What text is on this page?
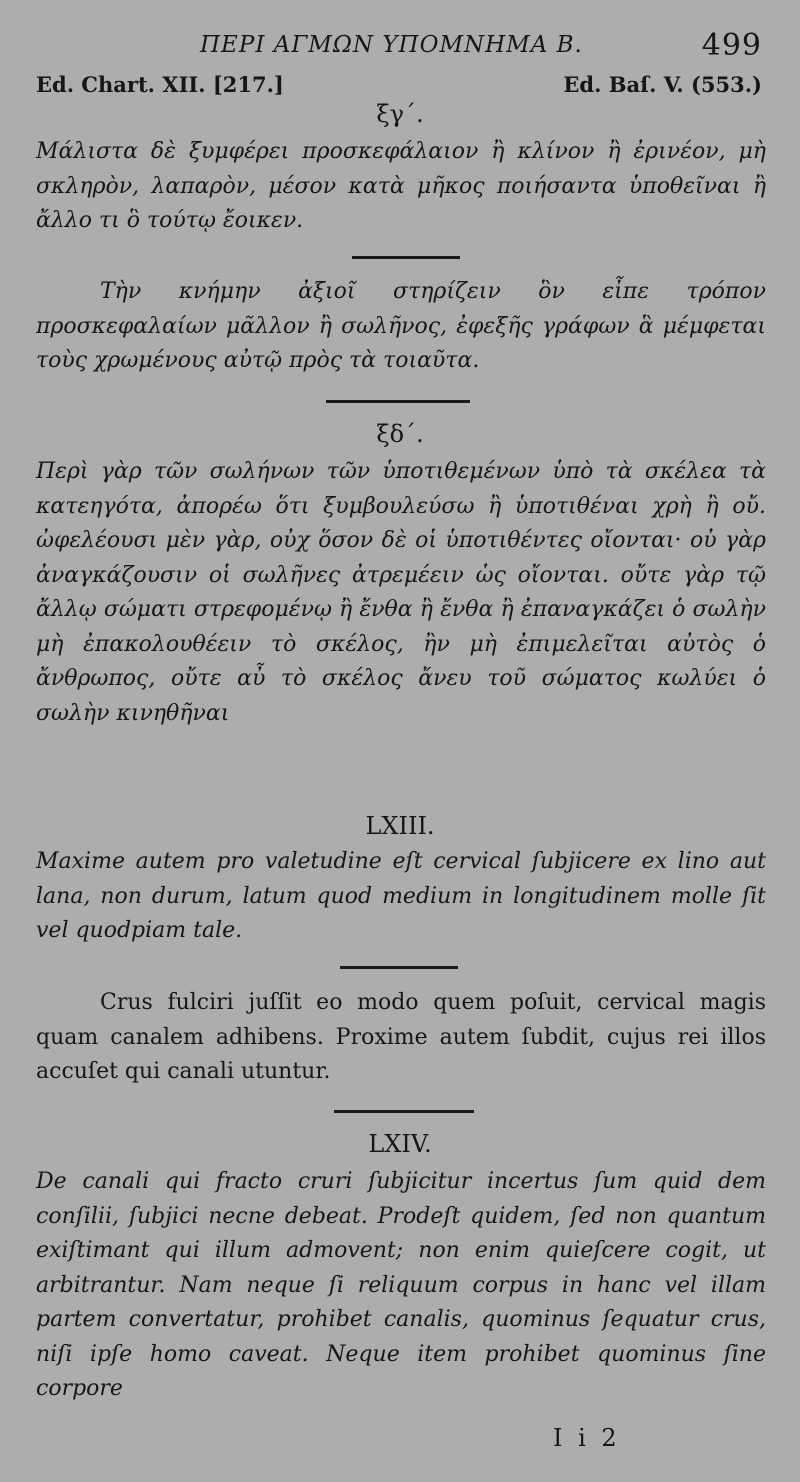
ΠΕΡΙ ΑΓΜΩΝ ΥΠΟΜΝΗΜΑ Β.	499
Ed. Chart. XII. [217.]	Ed. Baſ. V. (553.)
ξγ΄.
Μάλιστα δὲ ξυμφέρει προσκεφάλαιον ἢ κλίνον ἢ ἐρινέον, μὴ σκληρὸν, λαπαρὸν, μέσον κατὰ μῆκος ποιήσαντα ὑποθεῖναι ἢ ἄλλο τι ὃ τούτῳ ἔοικεν.
Τὴν κνήμην ἀξιοῖ στηρίζειν ὃν εἶπε τρόπον προσκεφαλαίων μᾶλλον ἢ σωλῆνος, ἐφεξῆς γράφων ἃ μέμφεται τοὺς χρωμένους αὐτῷ πρὸς τὰ τοιαῦτα.
ξδ΄.
Περὶ γὰρ τῶν σωλήνων τῶν ὑποτιθεμένων ὑπὸ τὰ σκέλεα τὰ κατεηγότα, ἀπορέω ὅτι ξυμβουλεύσω ἢ ὑποτιθέναι χρὴ ἢ οὔ. ὠφελέουσι μὲν γὰρ, οὐχ ὅσον δὲ οἱ ὑποτιθέντες οἴονται· οὐ γὰρ ἀναγκάζουσιν οἱ σωλῆνες ἀτρεμέειν ὡς οἴονται. οὔτε γὰρ τῷ ἄλλῳ σώματι στρεφομένῳ ἢ ἔνθα ἢ ἔνθα ἢ ἐπαναγκάζει ὁ σωλὴν μὴ ἐπακολουθέειν τὸ σκέλος, ἢν μὴ ἐπιμελεῖται αὐτὸς ὁ ἄνθρωπος, οὔτε αὖ τὸ σκέλος ἄνευ τοῦ σώματος κωλύει ὁ σωλὴν κινηθῆναι
LXIII.
Maxime autem pro valetudine eſt cervical ſubjicere ex lino aut lana, non durum, latum quod medium in longitudinem molle ſit vel quodpiam tale.
Crus fulciri juſſit eo modo quem poſuit, cervical magis quam canalem adhibens. Proxime autem ſubdit, cujus rei illos accuſet qui canali utuntur.
LXIV.
De canali qui fracto cruri ſubjicitur incertus ſum quid dem conſilii, ſubjici necne debeat. Prodeſt quidem, ſed non quantum exiſtimant qui illum admovent; non enim quieſcere cogit, ut arbitrantur. Nam neque ſi reliquum corpus in hanc vel illam partem convertatur, prohibet canalis, quominus ſequatur crus, niſi ipſe homo caveat. Neque item prohibet quominus ſine corpore
I i 2
